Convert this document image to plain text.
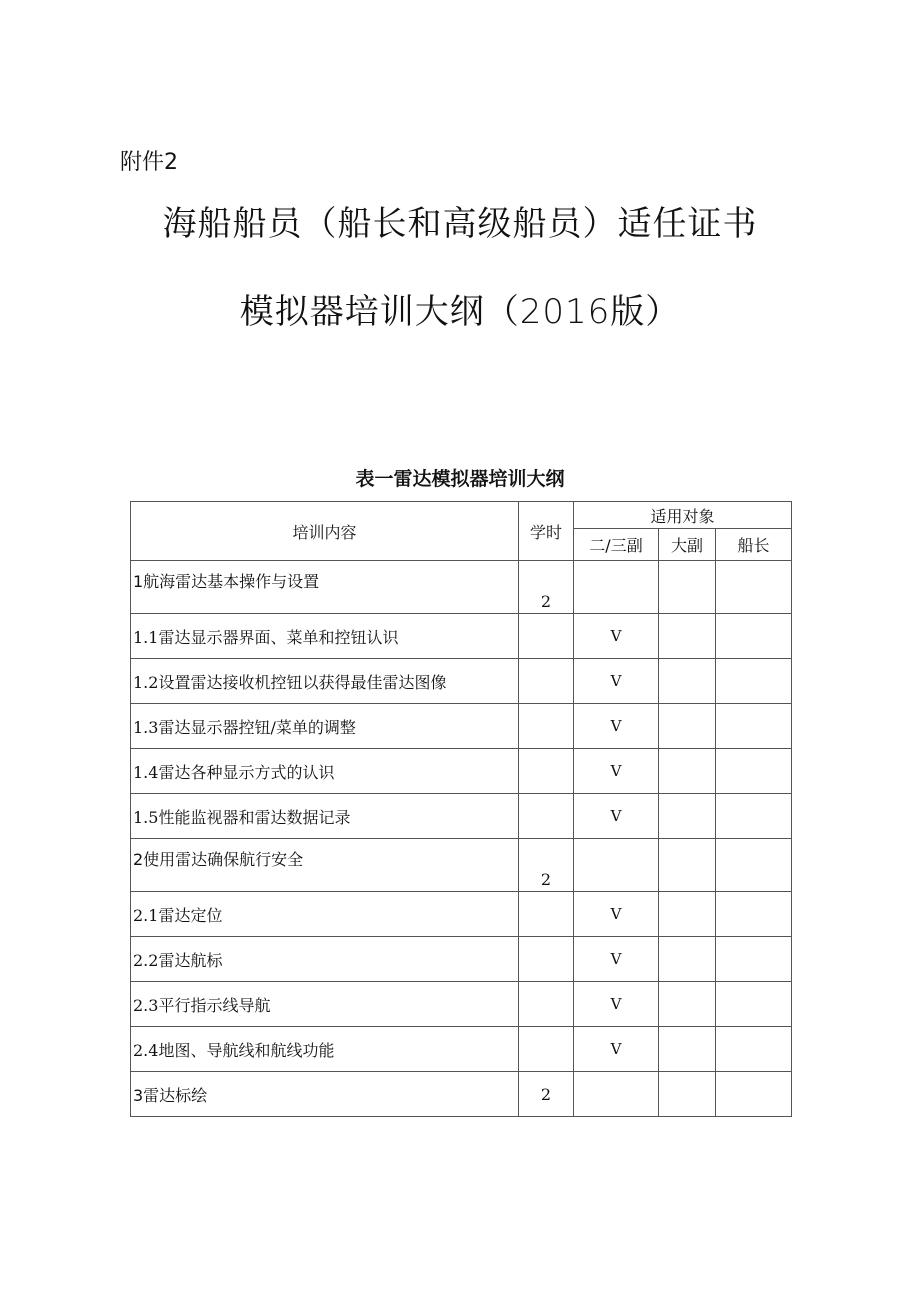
附件2
海船船员（船长和高级船员）适任证书
模拟器培训大纲（2016版）
表一雷达模拟器培训大纲
培训内容	学时	适用对象		
		二/三副	大副	船长
1航海雷达基本操作与设置	2			
1.1雷达显示器界面、菜单和控钮认识		V		
1.2设置雷达接收机控钮以获得最佳雷达图像		V		
1.3雷达显示器控钮/菜单的调整		V		
1.4雷达各种显示方式的认识		V		
1.5性能监视器和雷达数据记录		V		
2使用雷达确保航行安全	2			
2.1雷达定位		V		
2.2雷达航标		V		
2.3平行指示线导航		V		
2.4地图、导航线和航线功能		V		
3雷达标绘	2			
